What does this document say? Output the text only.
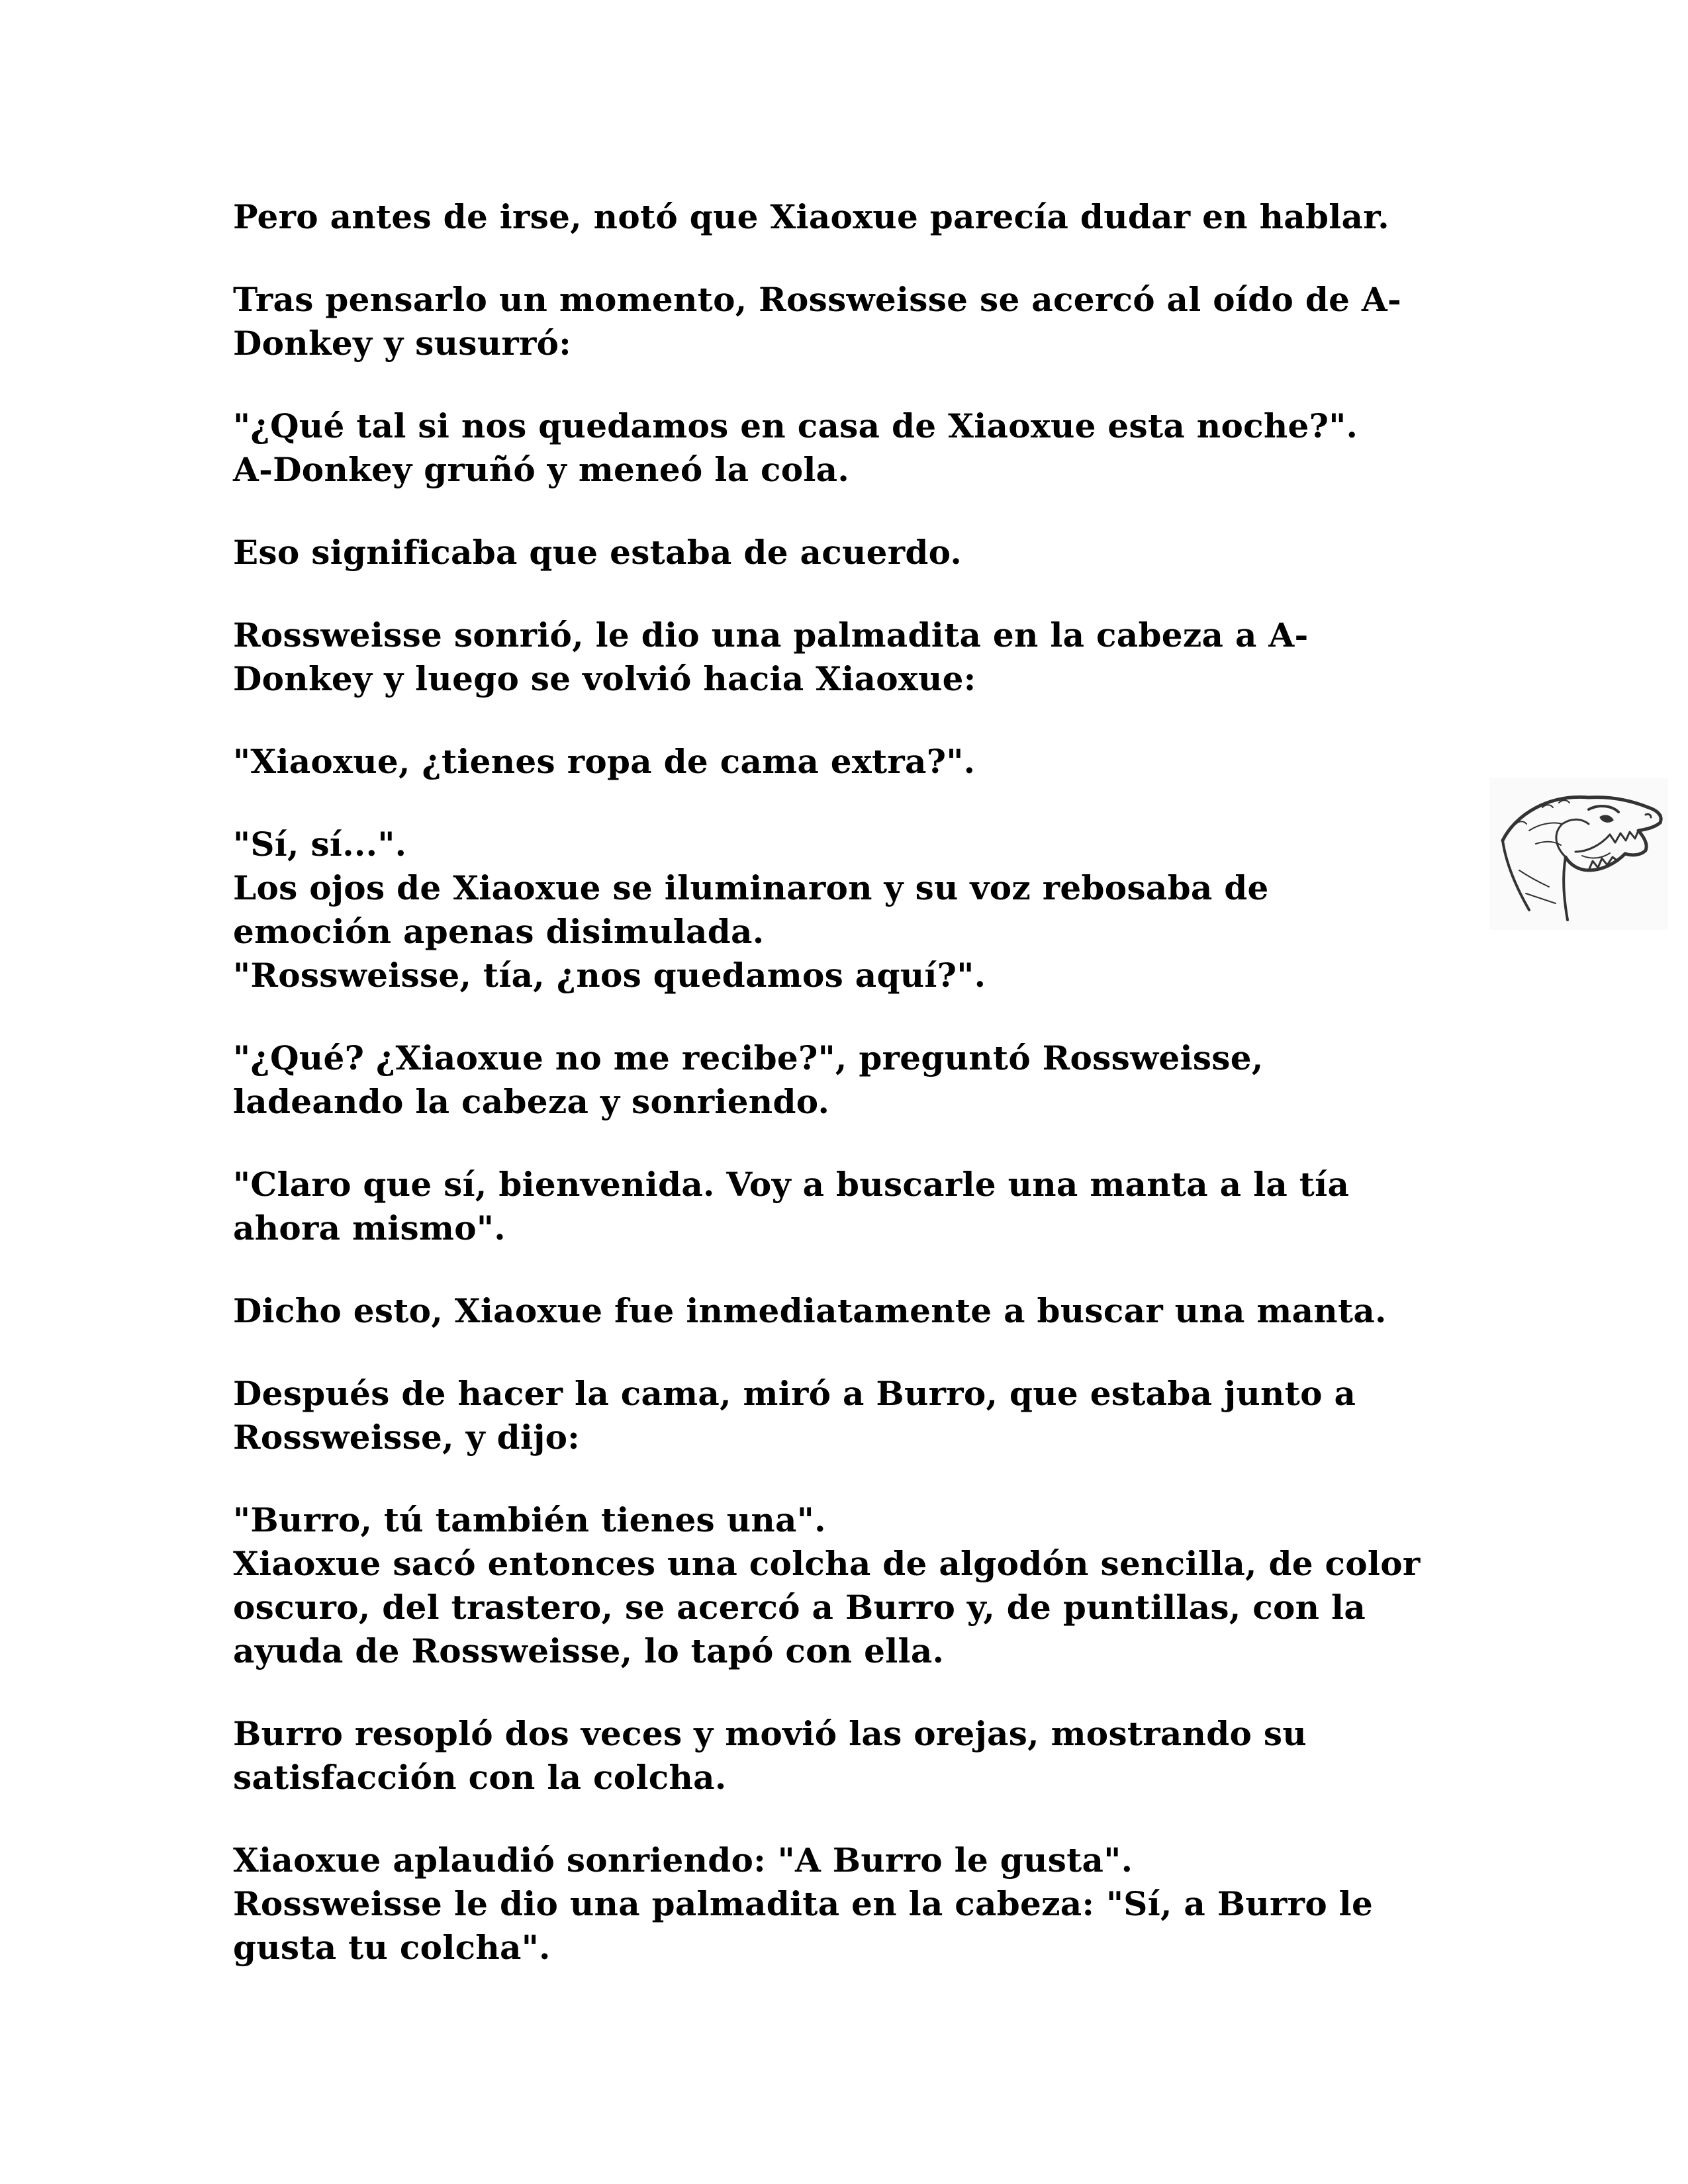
Pero antes de irse, notó que Xiaoxue parecía dudar en hablar.

Tras pensarlo un momento, Rossweisse se acercó al oído de A-
Donkey y susurró:

"¿Qué tal si nos quedamos en casa de Xiaoxue esta noche?".
A-Donkey gruñó y meneó la cola.

Eso significaba que estaba de acuerdo.

Rossweisse sonrió, le dio una palmadita en la cabeza a A-
Donkey y luego se volvió hacia Xiaoxue:

"Xiaoxue, ¿tienes ropa de cama extra?".

"Sí, sí...".
Los ojos de Xiaoxue se iluminaron y su voz rebosaba de
emoción apenas disimulada.
"Rossweisse, tía, ¿nos quedamos aquí?".

"¿Qué? ¿Xiaoxue no me recibe?", preguntó Rossweisse,
ladeando la cabeza y sonriendo.

"Claro que sí, bienvenida. Voy a buscarle una manta a la tía
ahora mismo".

Dicho esto, Xiaoxue fue inmediatamente a buscar una manta.

Después de hacer la cama, miró a Burro, que estaba junto a
Rossweisse, y dijo:

"Burro, tú también tienes una".
Xiaoxue sacó entonces una colcha de algodón sencilla, de color
oscuro, del trastero, se acercó a Burro y, de puntillas, con la
ayuda de Rossweisse, lo tapó con ella.

Burro resopló dos veces y movió las orejas, mostrando su
satisfacción con la colcha.

Xiaoxue aplaudió sonriendo: "A Burro le gusta".
Rossweisse le dio una palmadita en la cabeza: "Sí, a Burro le
gusta tu colcha".
